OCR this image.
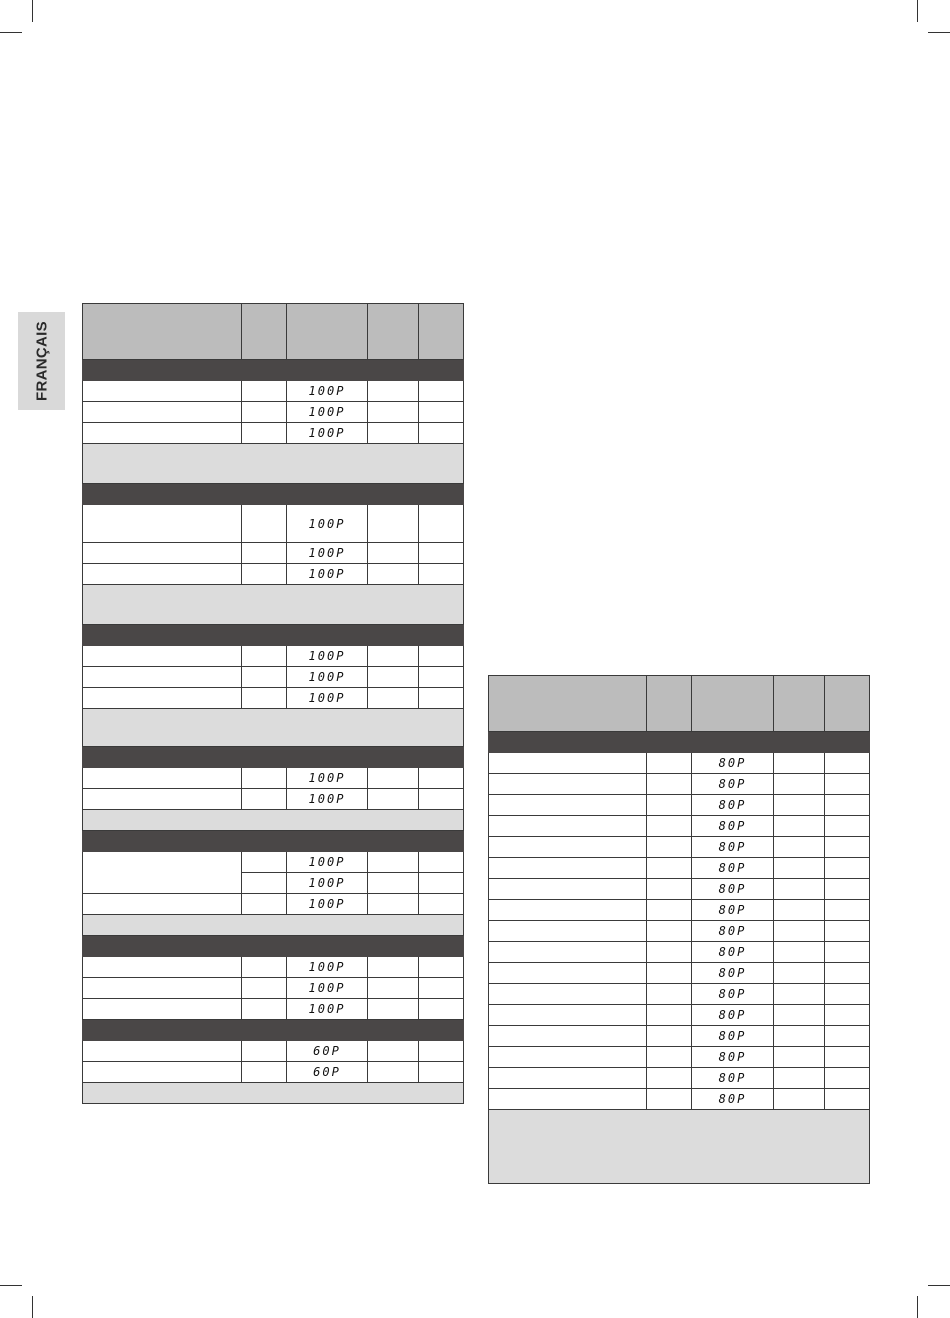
FRANÇAIS

			100P		
		100P		
		100P		

		100P		
		100P		
		100P		

		100P		
		100P		
		100P		

		100P		
		100P		

		100P		
		100P		
		100P		

		100P		
		100P		
		100P		

		60P		
		60P		

		80P		
		80P		
		80P		
		80P		
		80P		
		80P		
		80P		
		80P		
		80P		
		80P		
		80P		
		80P		
		80P		
		80P		
		80P		
		80P		
		80P		
